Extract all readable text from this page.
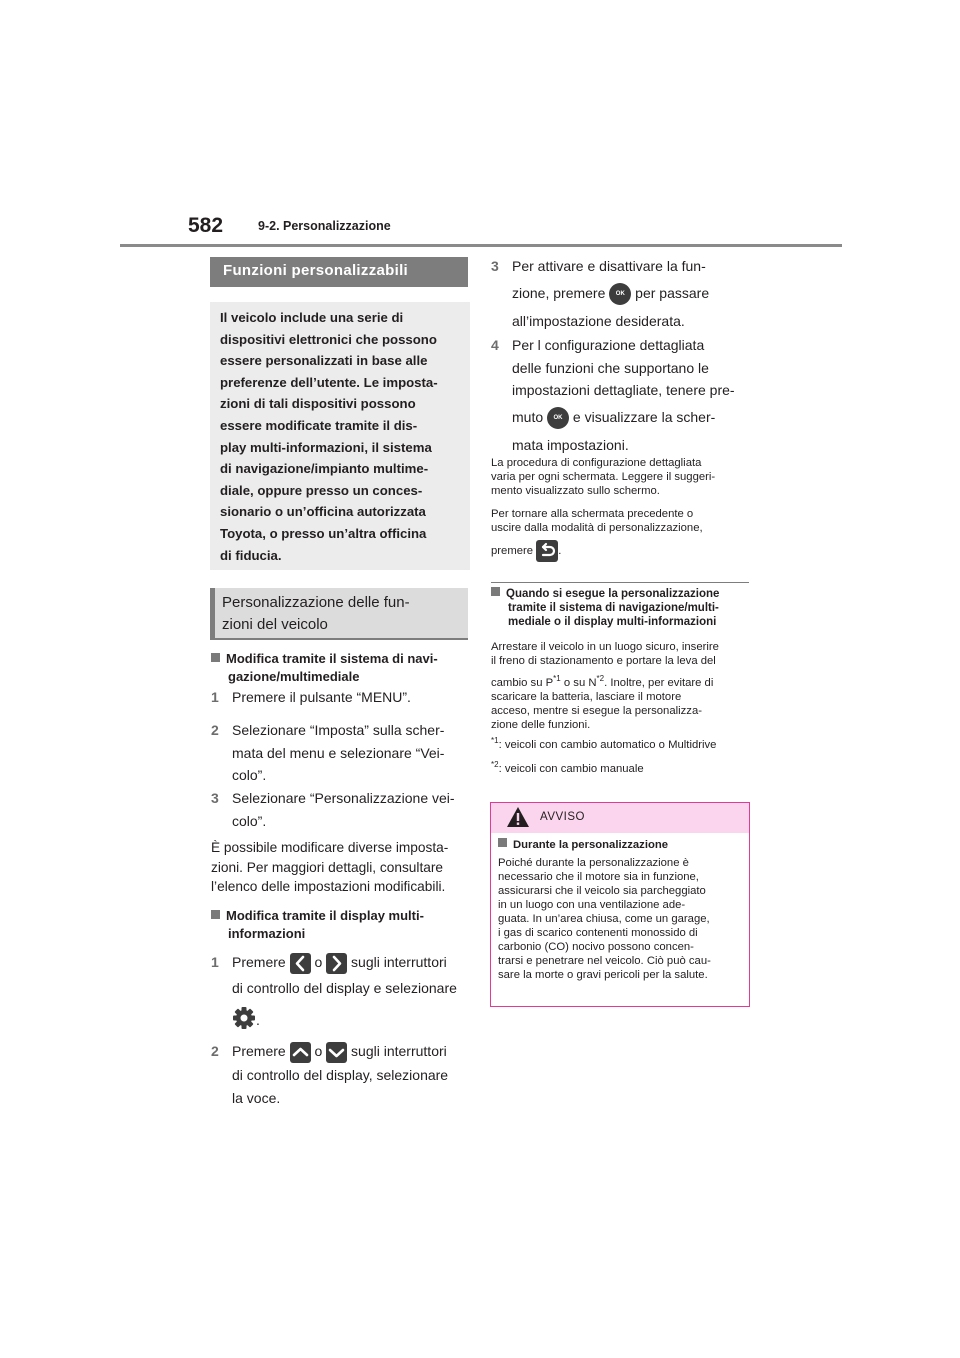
582	9-2. Personalizzazione
Funzioni personalizzabili
Il veicolo include una serie di
dispositivi elettronici che possono
essere personalizzati in base alle
preferenze dell’utente. Le imposta-
zioni di tali dispositivi possono
essere modificate tramite il dis-
play multi-informazioni, il sistema
di navigazione/impianto multime-
diale, oppure presso un conces-
sionario o un’officina autorizzata
Toyota, o presso un’altra officina
di fiducia.
Personalizzazione delle fun-
zioni del veicolo
Modifica tramite il sistema di navi-
gazione/multimediale
1 Premere il pulsante “MENU”.
2 Selezionare “Imposta” sulla scher-
mata del menu e selezionare “Vei-
colo”.
3 Selezionare “Personalizzazione vei-
colo”.
È possibile modificare diverse imposta-
zioni. Per maggiori dettagli, consultare
l’elenco delle impostazioni modificabili.
Modifica tramite il display multi-
informazioni
1 Premere o sugli interruttori
di controllo del display e selezionare
.
2 Premere o sugli interruttori
di controllo del display, selezionare
la voce.
3 Per attivare e disattivare la fun-
zione, premere OK per passare
all’impostazione desiderata.
4 Per l configurazione dettagliata
delle funzioni che supportano le
impostazioni dettagliate, tenere pre-
muto OK e visualizzare la scher-
mata impostazioni.
La procedura di configurazione dettagliata
varia per ogni schermata. Leggere il suggeri-
mento visualizzato sullo schermo.
Per tornare alla schermata precedente o
uscire dalla modalità di personalizzazione,
premere .
Quando si esegue la personalizzazione
tramite il sistema di navigazione/multi-
mediale o il display multi-informazioni
Arrestare il veicolo in un luogo sicuro, inserire
il freno di stazionamento e portare la leva del
cambio su $P^{*1}$ o su $N^{*2}$. Inoltre, per evitare di
scaricare la batteria, lasciare il motore
acceso, mentre si esegue la personalizza-
zione delle funzioni.
$^{*1}$: veicoli con cambio automatico o Multidrive
$^{*2}$: veicoli con cambio manuale
AVVISO
Durante la personalizzazione
Poiché durante la personalizzazione è
necessario che il motore sia in funzione,
assicurarsi che il veicolo sia parcheggiato
in un luogo con una ventilazione ade-
guata. In un’area chiusa, come un garage,
i gas di scarico contenenti monossido di
carbonio (CO) nocivo possono concen-
trarsi e penetrare nel veicolo. Ciò può cau-
sare la morte o gravi pericoli per la salute.
